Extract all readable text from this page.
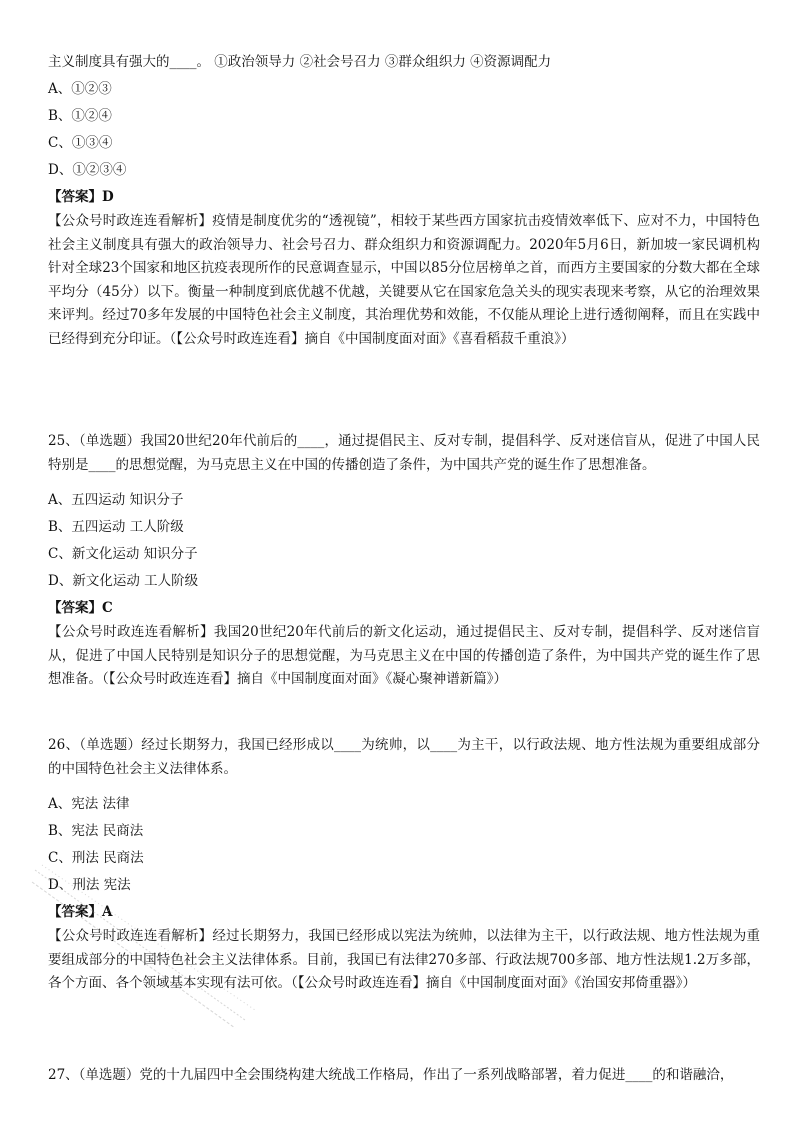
主义制度具有强大的____。 ①政治领导力 ②社会号召力 ③群众组织力 ④资源调配力
A、①②③
B、①②④
C、①③④
D、①②③④
【答案】D
【公众号时政连连看解析】疫情是制度优劣的“透视镜”，相较于某些西方国家抗击疫情效率低下、应对不力，中国特色社会主义制度具有强大的政治领导力、社会号召力、群众组织力和资源调配力。2020年5月6日，新加坡一家民调机构针对全球23个国家和地区抗疫表现所作的民意调查显示，中国以85分位居榜单之首，而西方主要国家的分数大都在全球平均分（45分）以下。衡量一种制度到底优越不优越，关键要从它在国家危急关头的现实表现来考察，从它的治理效果来评判。经过70多年发展的中国特色社会主义制度，其治理优势和效能，不仅能从理论上进行透彻阐释，而且在实践中已经得到充分印证。（【公众号时政连连看】摘自《中国制度面对面》《喜看稻菽千重浪》）
25、（单选题）我国20世纪20年代前后的____，通过提倡民主、反对专制，提倡科学、反对迷信盲从，促进了中国人民特别是____的思想觉醒，为马克思主义在中国的传播创造了条件，为中国共产党的诞生作了思想准备。
A、五四运动 知识分子
B、五四运动 工人阶级
C、新文化运动 知识分子
D、新文化运动 工人阶级
【答案】C
【公众号时政连连看解析】我国20世纪20年代前后的新文化运动，通过提倡民主、反对专制，提倡科学、反对迷信盲从，促进了中国人民特别是知识分子的思想觉醒，为马克思主义在中国的传播创造了条件，为中国共产党的诞生作了思想准备。（【公众号时政连连看】摘自《中国制度面对面》《凝心聚神谱新篇》）
26、（单选题）经过长期努力，我国已经形成以____为统帅，以____为主干，以行政法规、地方性法规为重要组成部分的中国特色社会主义法律体系。
A、宪法 法律
B、宪法 民商法
C、刑法 民商法
D、刑法 宪法
【答案】A
【公众号时政连连看解析】经过长期努力，我国已经形成以宪法为统帅，以法律为主干，以行政法规、地方性法规为重要组成部分的中国特色社会主义法律体系。目前，我国已有法律270多部、行政法规700多部、地方性法规1.2万多部，各个方面、各个领域基本实现有法可依。（【公众号时政连连看】摘自《中国制度面对面》《治国安邦倚重器》）
27、（单选题）党的十九届四中全会围绕构建大统战工作格局，作出了一系列战略部署，着力促进____的和谐融洽，
